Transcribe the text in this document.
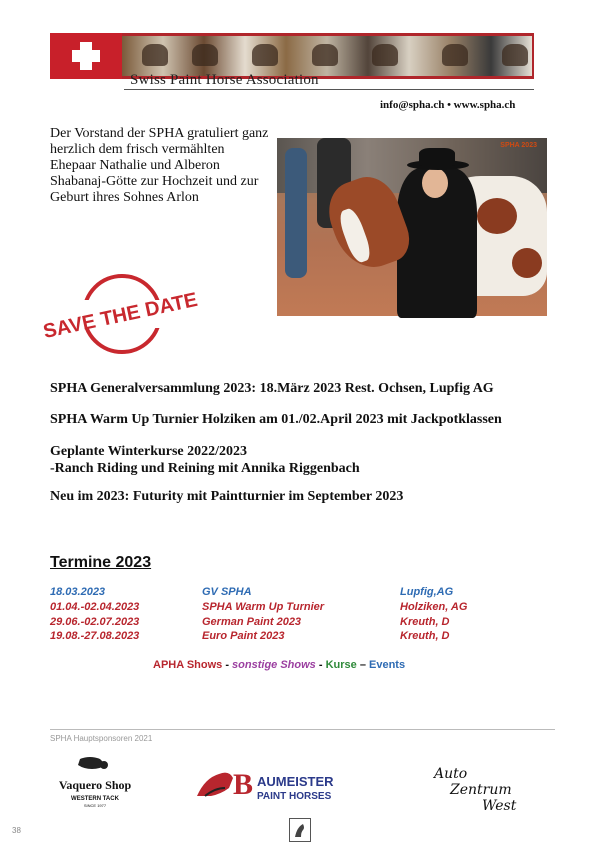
Swiss Paint Horse Association
info@spha.ch • www.spha.ch
Der Vorstand der SPHA gratuliert ganz herzlich dem frisch vermählten Ehepaar Nathalie und Alberon Shabanaj-Götte zur Hochzeit und zur Geburt ihres Sohnes Arlon
SPHA 2023
SAVE THE DATE
SPHA Generalversammlung 2023: 18.März 2023 Rest. Ochsen, Lupfig AG
SPHA Warm Up Turnier Holziken am 01./02.April 2023 mit Jackpotklassen
Geplante Winterkurse 2022/2023
-Ranch Riding und Reining mit Annika Riggenbach
Neu im 2023: Futurity mit Paintturnier im September 2023
Termine 2023
18.03.2023	GV SPHA	Lupfig,AG
01.04.-02.04.2023	SPHA Warm Up Turnier	Holziken, AG
29.06.-02.07.2023	German Paint 2023	Kreuth, D
19.08.-27.08.2023	Euro Paint 2023	Kreuth, D
APHA Shows - sonstige Shows - Kurse – Events
SPHA Hauptsponsoren 2021
Vaquero Shop
WESTERN TACK
SINCE 1977
B AUMEISTER
PAINT HORSES
Auto
Zentrum
West
38
